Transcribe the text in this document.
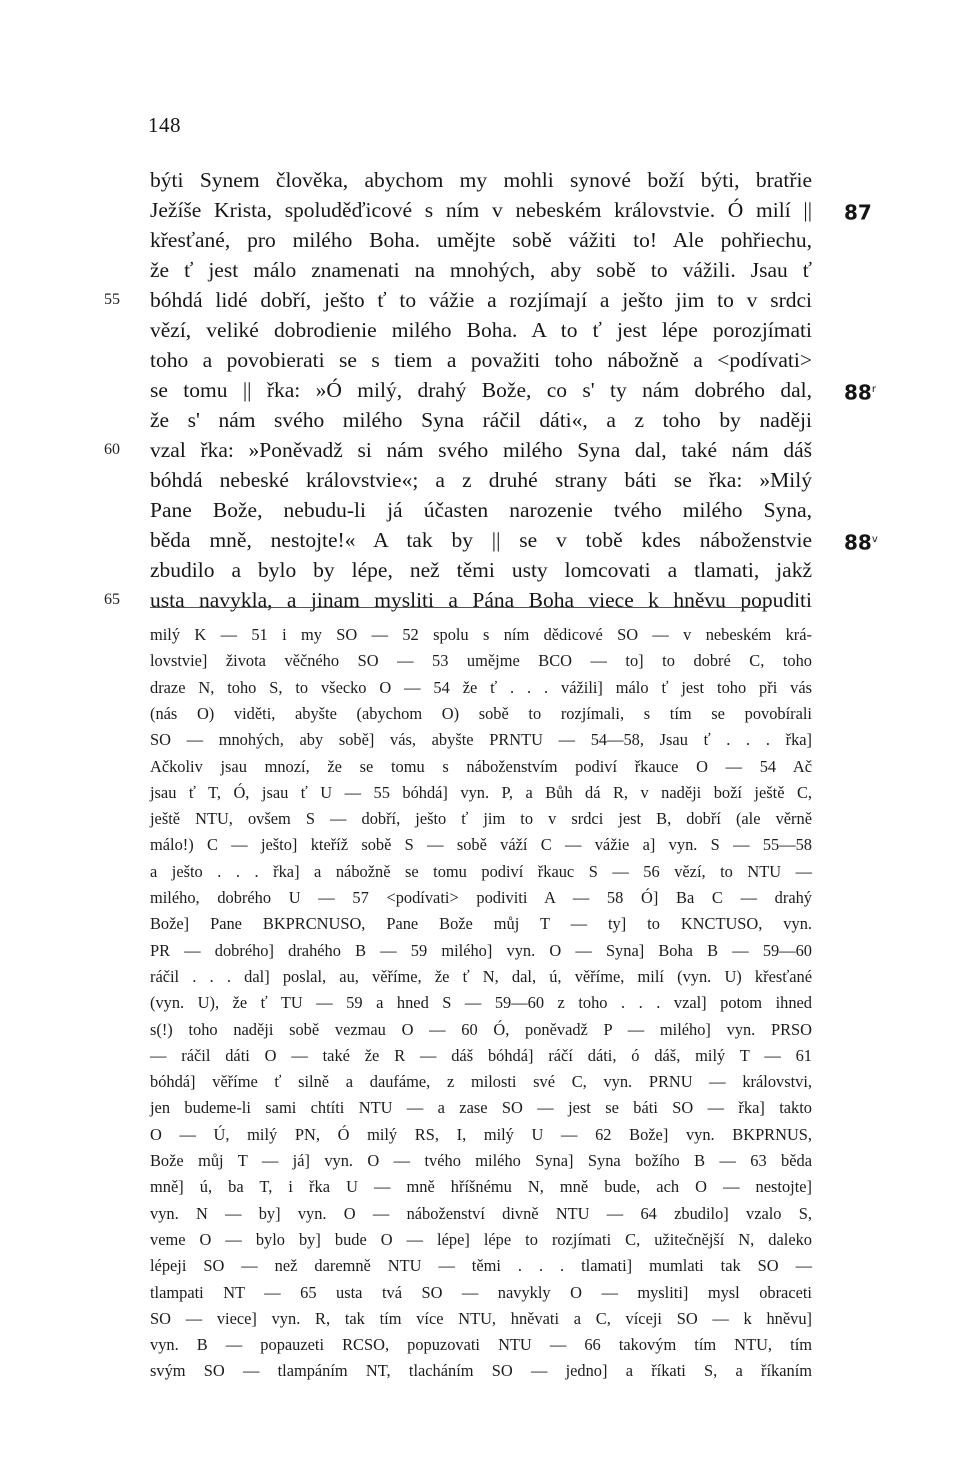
148
býti Synem člověka, abychom my mohli synové boží býti, bratřie
Ježíše Krista, spoluděďicové s ním v nebeském královstvie. Ó milí ||
křesťané, pro milého Boha. umějte sobě vážiti to! Ale pohřiechu,
že ť jest málo znamenati na mnohých, aby sobě to vážili. Jsau ť
bóhdá lidé dobří, ješto ť to vážie a rozjímají a ješto jim to v srdci
vězí, veliké dobrodienie milého Boha. A to ť jest lépe porozjímati
toho a povobierati se s tiem a považiti toho nábožně a <podívati>
se tomu || řka: »Ó milý, drahý Bože, co s' ty nám dobrého dal,
že s' nám svého milého Syna ráčil dáti«, a z toho by naději
vzal řka: »Poněvadž si nám svého milého Syna dal, také nám dáš
bóhdá nebeské královstvie«; a z druhé strany báti se řka: »Milý
Pane Bože, nebudu-li já účasten narozenie tvého milého Syna,
běda mně, nestojte!« A tak by || se v tobě kdes náboženstvie
zbudilo a bylo by lépe, než těmi usty lomcovati a tlamati, jakž
usta navykla, a jinam mysliti a Pána Boha viece k hněvu popuditi
55
60
65
87
88$^r$
88$^v$
milý K — 51 i my SO — 52 spolu s ním dědicové SO — v nebeském krá-
lovstvie] života věčného SO — 53 umějme BCO — to] to dobré C, toho
draze N, toho S, to všecko O — 54 že ť . . . vážili] málo ť jest toho při vás
(nás O) viděti, abyšte (abychom O) sobě to rozjímali, s tím se povobírali
SO — mnohých, aby sobě] vás, abyšte PRNTU — 54—58, Jsau ť . . . řka]
Ačkoliv jsau mnozí, že se tomu s náboženstvím podiví řkauce O — 54 Ač
jsau ť T, Ó, jsau ť U — 55 bóhdá] vyn. P, a Bůh dá R, v naději boží ještě C,
ještě NTU, ovšem S — dobří, ješto ť jim to v srdci jest B, dobří (ale věrně
málo!) C — ješto] kteříž sobě S — sobě váží C — vážie a] vyn. S — 55—58
a ješto . . . řka] a nábožně se tomu podiví řkauc S — 56 vězí, to NTU —
milého, dobrého U — 57 <podívati> podiviti A — 58 Ó] Ba C — drahý
Bože] Pane BKPRCNUSO, Pane Bože můj T — ty] to KNCTUSO, vyn.
PR — dobrého] drahého B — 59 milého] vyn. O — Syna] Boha B — 59—60
ráčil . . . dal] poslal, au, věříme, že ť N, dal, ú, věříme, milí (vyn. U) křesťané
(vyn. U), že ť TU — 59 a hned S — 59—60 z toho . . . vzal] potom ihned
s(!) toho naději sobě vezmau O — 60 Ó, poněvadž P — milého] vyn. PRSO
— ráčil dáti O — také že R — dáš bóhdá] ráčí dáti, ó dáš, milý T — 61
bóhdá] věříme ť silně a daufáme, z milosti své C, vyn. PRNU — královstvi,
jen budeme-li sami chtíti NTU — a zase SO — jest se báti SO — řka] takto
O — Ú, milý PN, Ó milý RS, I, milý U — 62 Bože] vyn. BKPRNUS,
Bože můj T — já] vyn. O — tvého milého Syna] Syna božího B — 63 běda
mně] ú, ba T, i řka U — mně hříšnému N, mně bude, ach O — nestojte]
vyn. N — by] vyn. O — náboženství divně NTU — 64 zbudilo] vzalo S,
veme O — bylo by] bude O — lépe] lépe to rozjímati C, užitečnější N, daleko
lépeji SO — než daremně NTU — těmi . . . tlamati] mumlati tak SO —
tlampati NT — 65 usta tvá SO — navykly O — mysliti] mysl obraceti
SO — viece] vyn. R, tak tím více NTU, hněvati a C, víceji SO — k hněvu]
vyn. B — popauzeti RCSO, popuzovati NTU — 66 takovým tím NTU, tím
svým SO — tlampáním NT, tlacháním SO — jedno] a říkati S, a říkaním
